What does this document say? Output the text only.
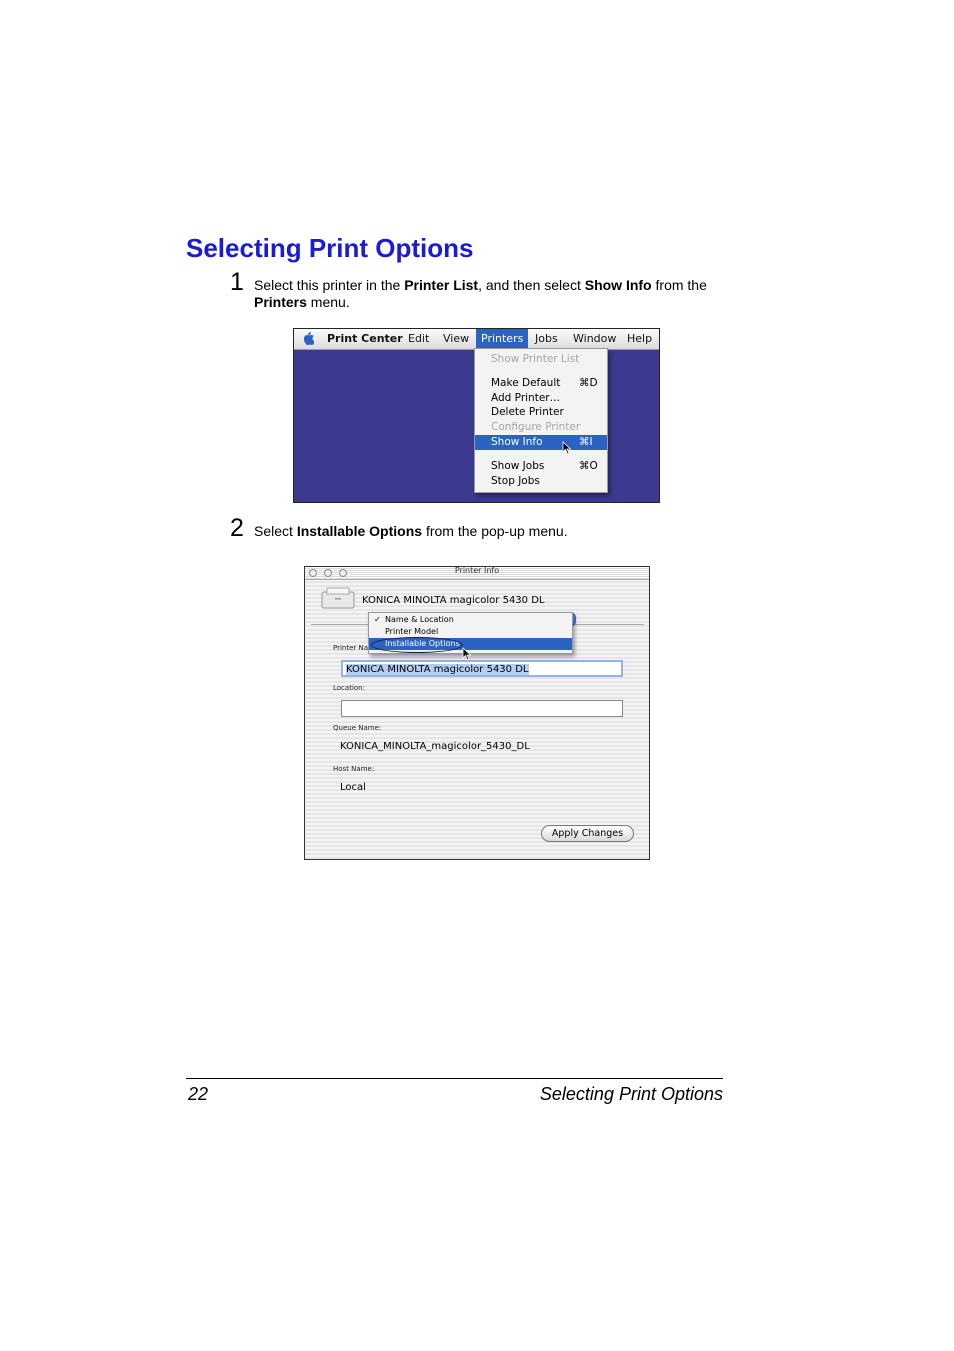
Selecting Print Options
1 Select this printer in the Printer List, and then select Show Info from the
Printers menu.
Print Center Edit	View	Printers	Jobs	Window Help
Show Printer List
Make Default ⌘D
Add Printer…
Delete Printer
Configure Printer
Show Info	⌘I
Show Jobs	⌘O
Stop Jobs
2 Select Installable Options from the pop-up menu.
Printer Info
KONICA MINOLTA magicolor 5430 DL
Printer Na
KONICA MINOLTA magicolor 5430 DL
Location:
Queue Name:
KONICA_MINOLTA_magicolor_5430_DL
Host Name:
Local
Apply Changes
✓ Name & Location
Printer Model
Installable Options
22	Selecting Print Options
